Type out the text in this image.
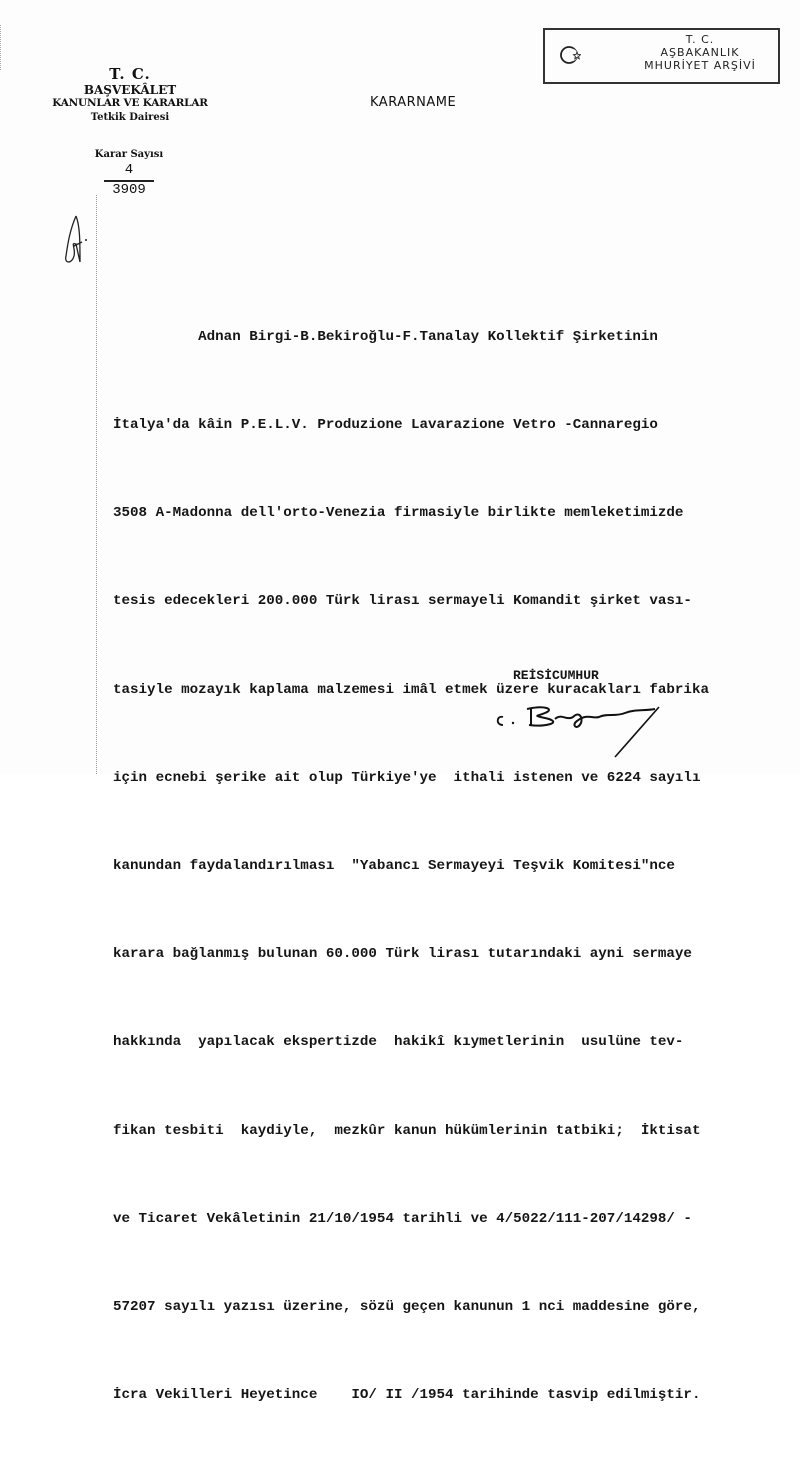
T. C.
BAŞVEKÂLET
KANUNLAR VE KARARLAR
Tetkik Dairesi
Karar Sayısı
4
3909
KARARNAME
T. C.
AŞBAKANLIK
MHURİYET ARŞİVİ

Adnan Birgi-B.Bekiroğlu-F.Tanalay Kollektif Şirketinin

İtalya'da kâin P.E.L.V. Produzione Lavarazione Vetro -Cannaregio

3508 A-Madonna dell'orto-Venezia firmasiyle birlikte memleketimizde

tesis edecekleri 200.000 Türk lirası sermayeli Komandit şirket vası-

tasiyle mozayık kaplama malzemesi imâl etmek üzere kuracakları fabrika

için ecnebi şerike ait olup Türkiye'ye  ithali istenen ve 6224 sayılı

kanundan faydalandırılması  "Yabancı Sermayeyi Teşvik Komitesi"nce

karara bağlanmış bulunan 60.000 Türk lirası tutarındaki ayni sermaye

hakkında  yapılacak ekspertizde  hakikî kıymetlerinin  usulüne tev-

fikan tesbiti  kaydiyle,  mezkûr kanun hükümlerinin tatbiki;  İktisat

ve Ticaret Vekâletinin 21/10/1954 tarihli ve 4/5022/111-207/14298/ -

57207 sayılı yazısı üzerine, sözü geçen kanunun 1 nci maddesine göre,

İcra Vekilleri Heyetince    IO/ II /1954 tarihinde tasvip edilmiştir.

REİSİCUMHUR
